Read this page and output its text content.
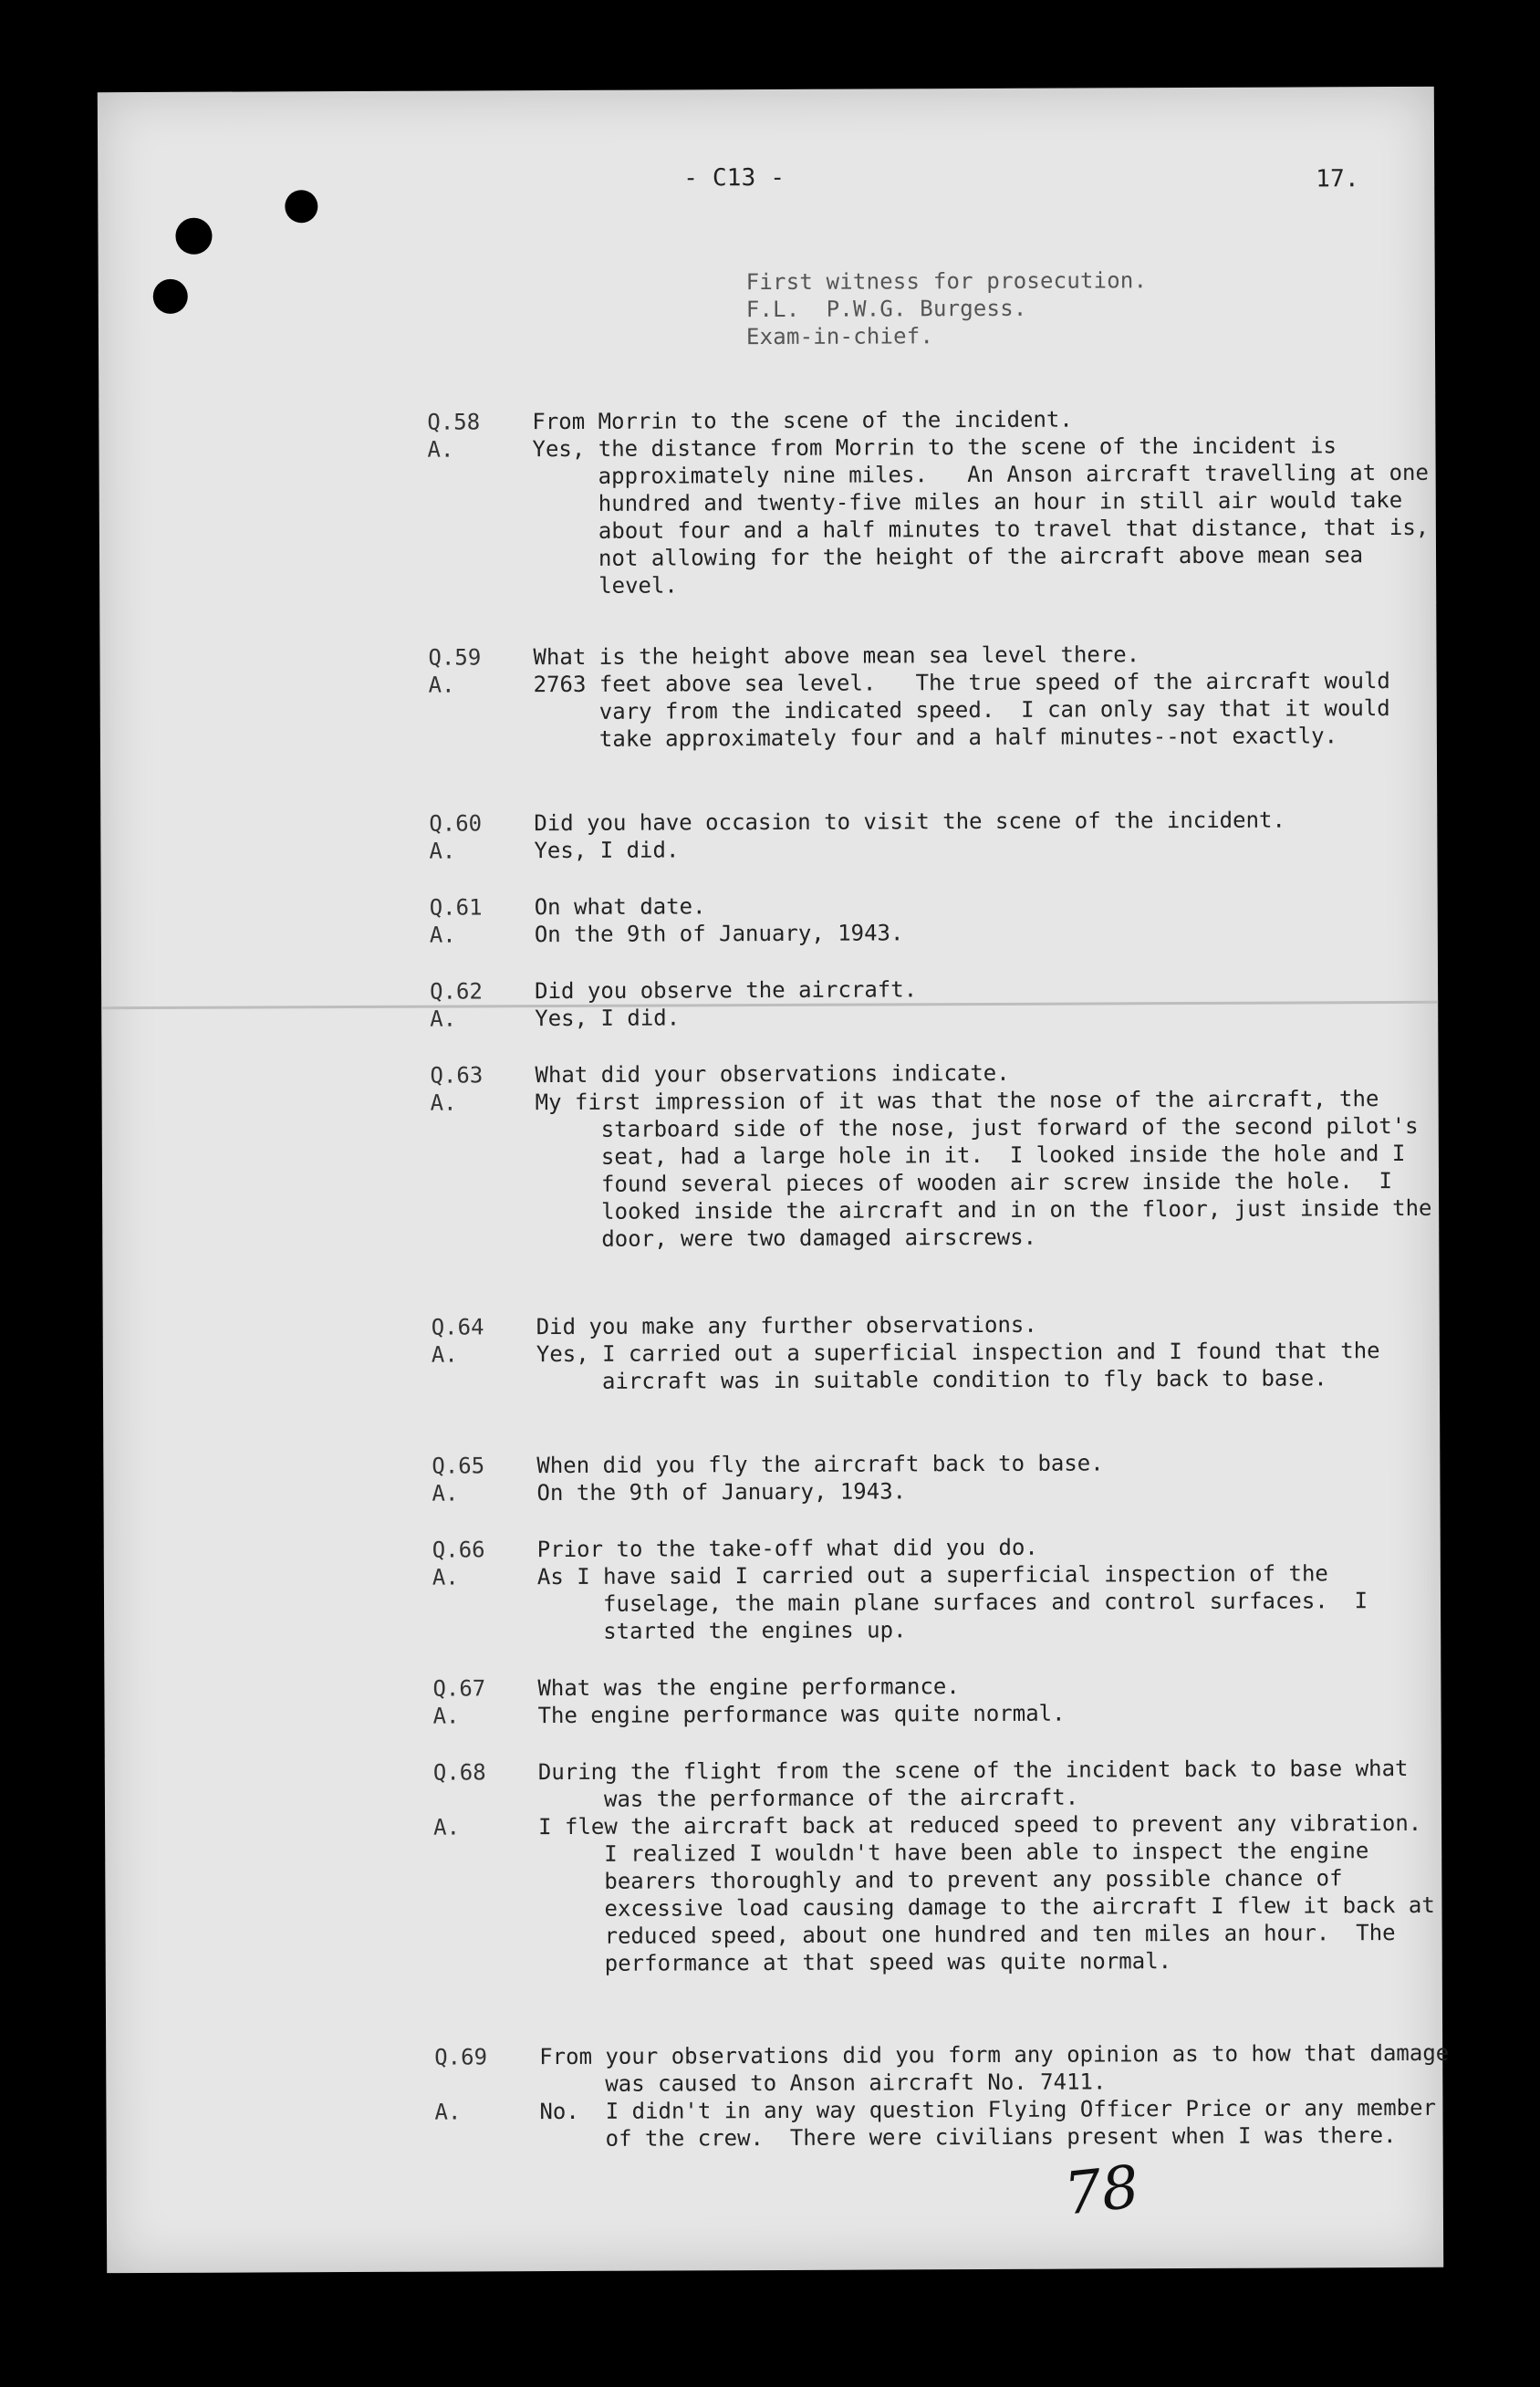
- C13 -	17.
First witness for prosecution.
F.L.  P.W.G. Burgess.
Exam-in-chief.
Q.58 From Morrin to the scene of the incident.
A.	Yes, the distance from Morrin to the scene of the incident is approximately nine miles.   An Anson aircraft travelling at one hundred and twenty-five miles an hour in still air would take about four and a half minutes to travel that distance, that is, not allowing for the height of the aircraft above mean sea level.
Q.59 What is the height above mean sea level there.
A.	2763 feet above sea level.   The true speed of the aircraft would vary from the indicated speed.  I can only say that it would take approximately four and a half minutes--not exactly.
Q.60 Did you have occasion to visit the scene of the incident.
A.	Yes, I did.
Q.61 On what date.
A.	On the 9th of January, 1943.
Q.62 Did you observe the aircraft.
A.	Yes, I did.
Q.63 What did your observations indicate.
A.	My first impression of it was that the nose of the aircraft, the starboard side of the nose, just forward of the second pilot's seat, had a large hole in it.  I looked inside the hole and I found several pieces of wooden air screw inside the hole.  I looked inside the aircraft and in on the floor, just inside the door, were two damaged airscrews.
Q.64 Did you make any further observations.
A.	Yes, I carried out a superficial inspection and I found that the aircraft was in suitable condition to fly back to base.
Q.65 When did you fly the aircraft back to base.
A.	On the 9th of January, 1943.
Q.66 Prior to the take-off what did you do.
A.	As I have said I carried out a superficial inspection of the fuselage, the main plane surfaces and control surfaces.  I started the engines up.
Q.67 What was the engine performance.
A.	The engine performance was quite normal.
Q.68 During the flight from the scene of the incident back to base what was the performance of the aircraft.
A.	I flew the aircraft back at reduced speed to prevent any vibration.  I realized I wouldn't have been able to inspect the engine bearers thoroughly and to prevent any possible chance of excessive load causing damage to the aircraft I flew it back at reduced speed, about one hundred and ten miles an hour.  The performance at that speed was quite normal.
Q.69 From your observations did you form any opinion as to how that damage was caused to Anson aircraft No. 7411.
A.	No.  I didn't in any way question Flying Officer Price or any member of the crew.  There were civilians present when I was there.
78
